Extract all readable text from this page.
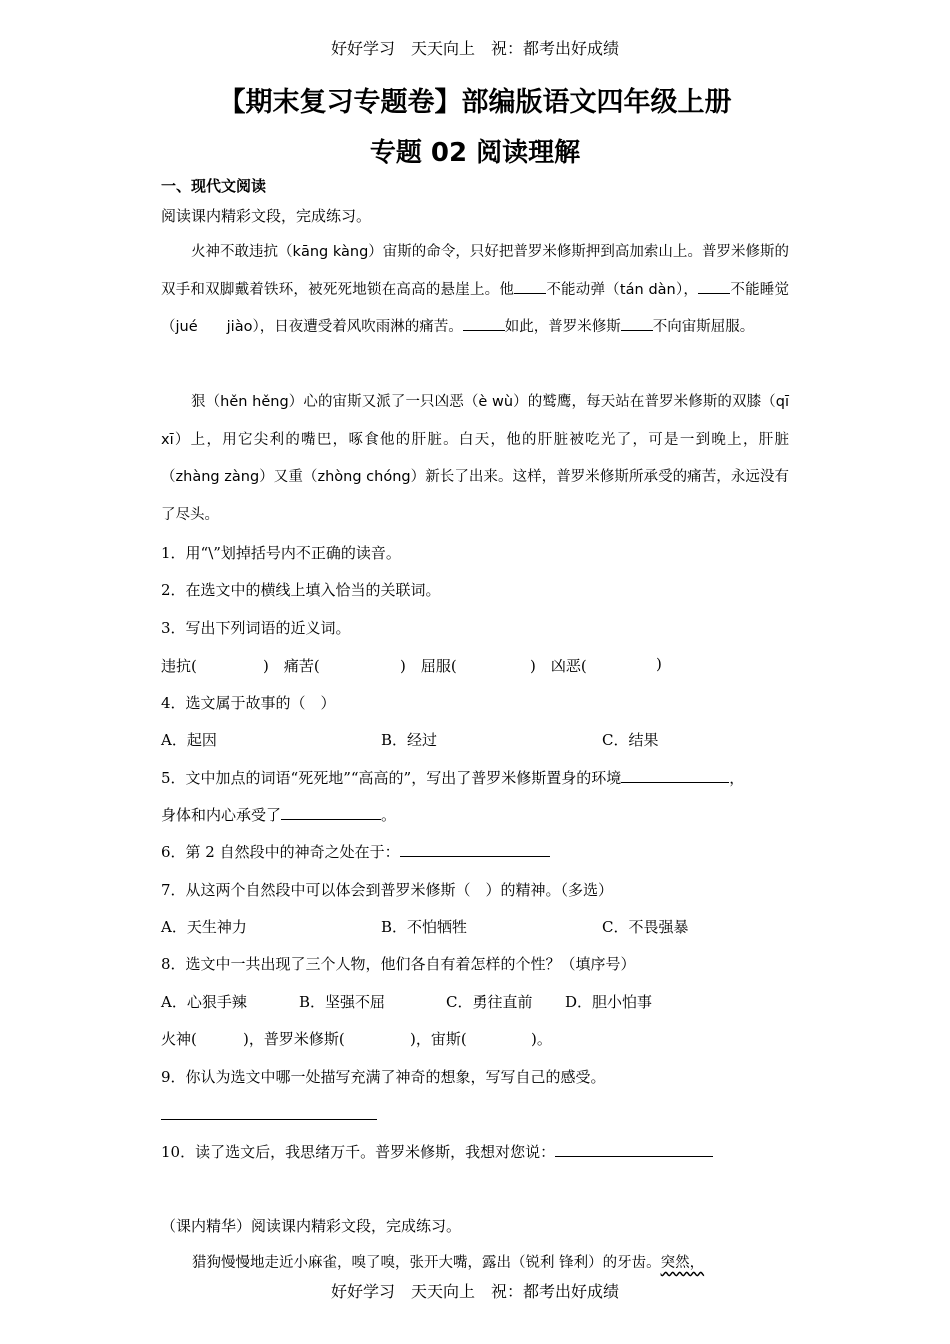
好好学习　天天向上　祝：都考出好成绩
【期末复习专题卷】部编版语文四年级上册
专题 02 阅读理解
一、现代文阅读
阅读课内精彩文段，完成练习。
火神不敢违抗（kāng kàng）宙斯的命令，只好把普罗米修斯押到高加索山上。普罗米修斯的双手和双脚戴着铁环，被死死地锁在高高的悬崖上。他 不能动弹（tán dàn）， 不能睡觉（jué　　jiào），日夜遭受着风吹雨淋的痛苦。	如此，普罗米修斯 不向宙斯屈服。
狠（hěn hěng）心的宙斯又派了一只凶恶（è wù）的鹫鹰，每天站在普罗米修斯的双膝（qī xī）上，用它尖利的嘴巴，啄食他的肝脏。白天，他的肝脏被吃光了，可是一到晚上，肝脏（zhàng zàng）又重（zhòng chóng）新长了出来。这样，普罗米修斯所承受的痛苦，永远没有了尽头。
1．用“\”划掉括号内不正确的读音。
2．在选文中的横线上填入恰当的关联词。
3．写出下列词语的近义词。
违抗(	)　痛苦(	)　屈服(	)　凶恶(	)
4．选文属于故事的（　）
A．起因	B．经过	C．结果
5．文中加点的词语“死死地”“高高的”，写出了普罗米修斯置身的环境	，
身体和内心承受了	。
6．第 2 自然段中的神奇之处在于：
7．从这两个自然段中可以体会到普罗米修斯（　）的精神。（多选）
A．天生神力	B．不怕牺牲	C．不畏强暴
8．选文中一共出现了三个人物，他们各自有着怎样的个性？（填序号）
A．心狠手辣	B．坚强不屈	C．勇往直前 D．胆小怕事
火神(	)，普罗米修斯(	)，宙斯(	)。
9．你认为选文中哪一处描写充满了神奇的想象，写写自己的感受。
10．读了选文后，我思绪万千。普罗米修斯，我想对您说：
（课内精华）阅读课内精彩文段，完成练习。
猎狗慢慢地走近小麻雀，嗅了嗅，张开大嘴，露出（锐利 锋利）的牙齿。突然，
好好学习　天天向上　祝：都考出好成绩
